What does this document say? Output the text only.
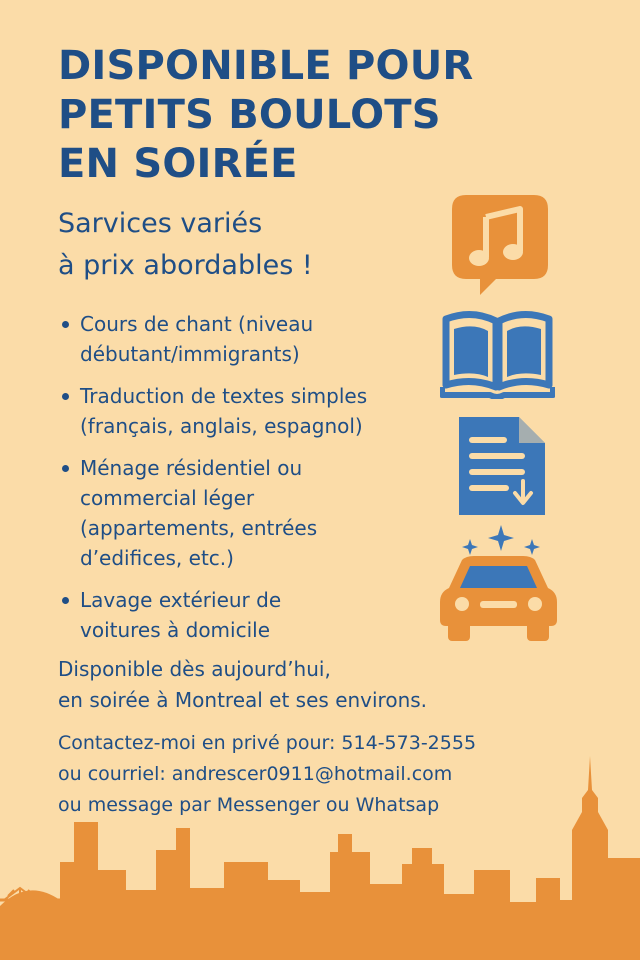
DISPONIBLE POUR
PETITS BOULOTS
EN SOIRÉE
Sarvices variés
à prix abordables !
Cours de chant (niveau
débutant/immigrants)
Traduction de textes simples
(français, anglais, espagnol)
Ménage résidentiel ou
commercial léger
(appartements, entrées
d’edifices, etc.)
Lavage extérieur de
voitures à domicile

Disponible dès aujourd’hui,
en soirée à Montreal et ses environs.

Contactez-moi en privé pour: 514-573-2555
ou courriel: andrescer0911@hotmail.com
ou message par Messenger ou Whatsap
